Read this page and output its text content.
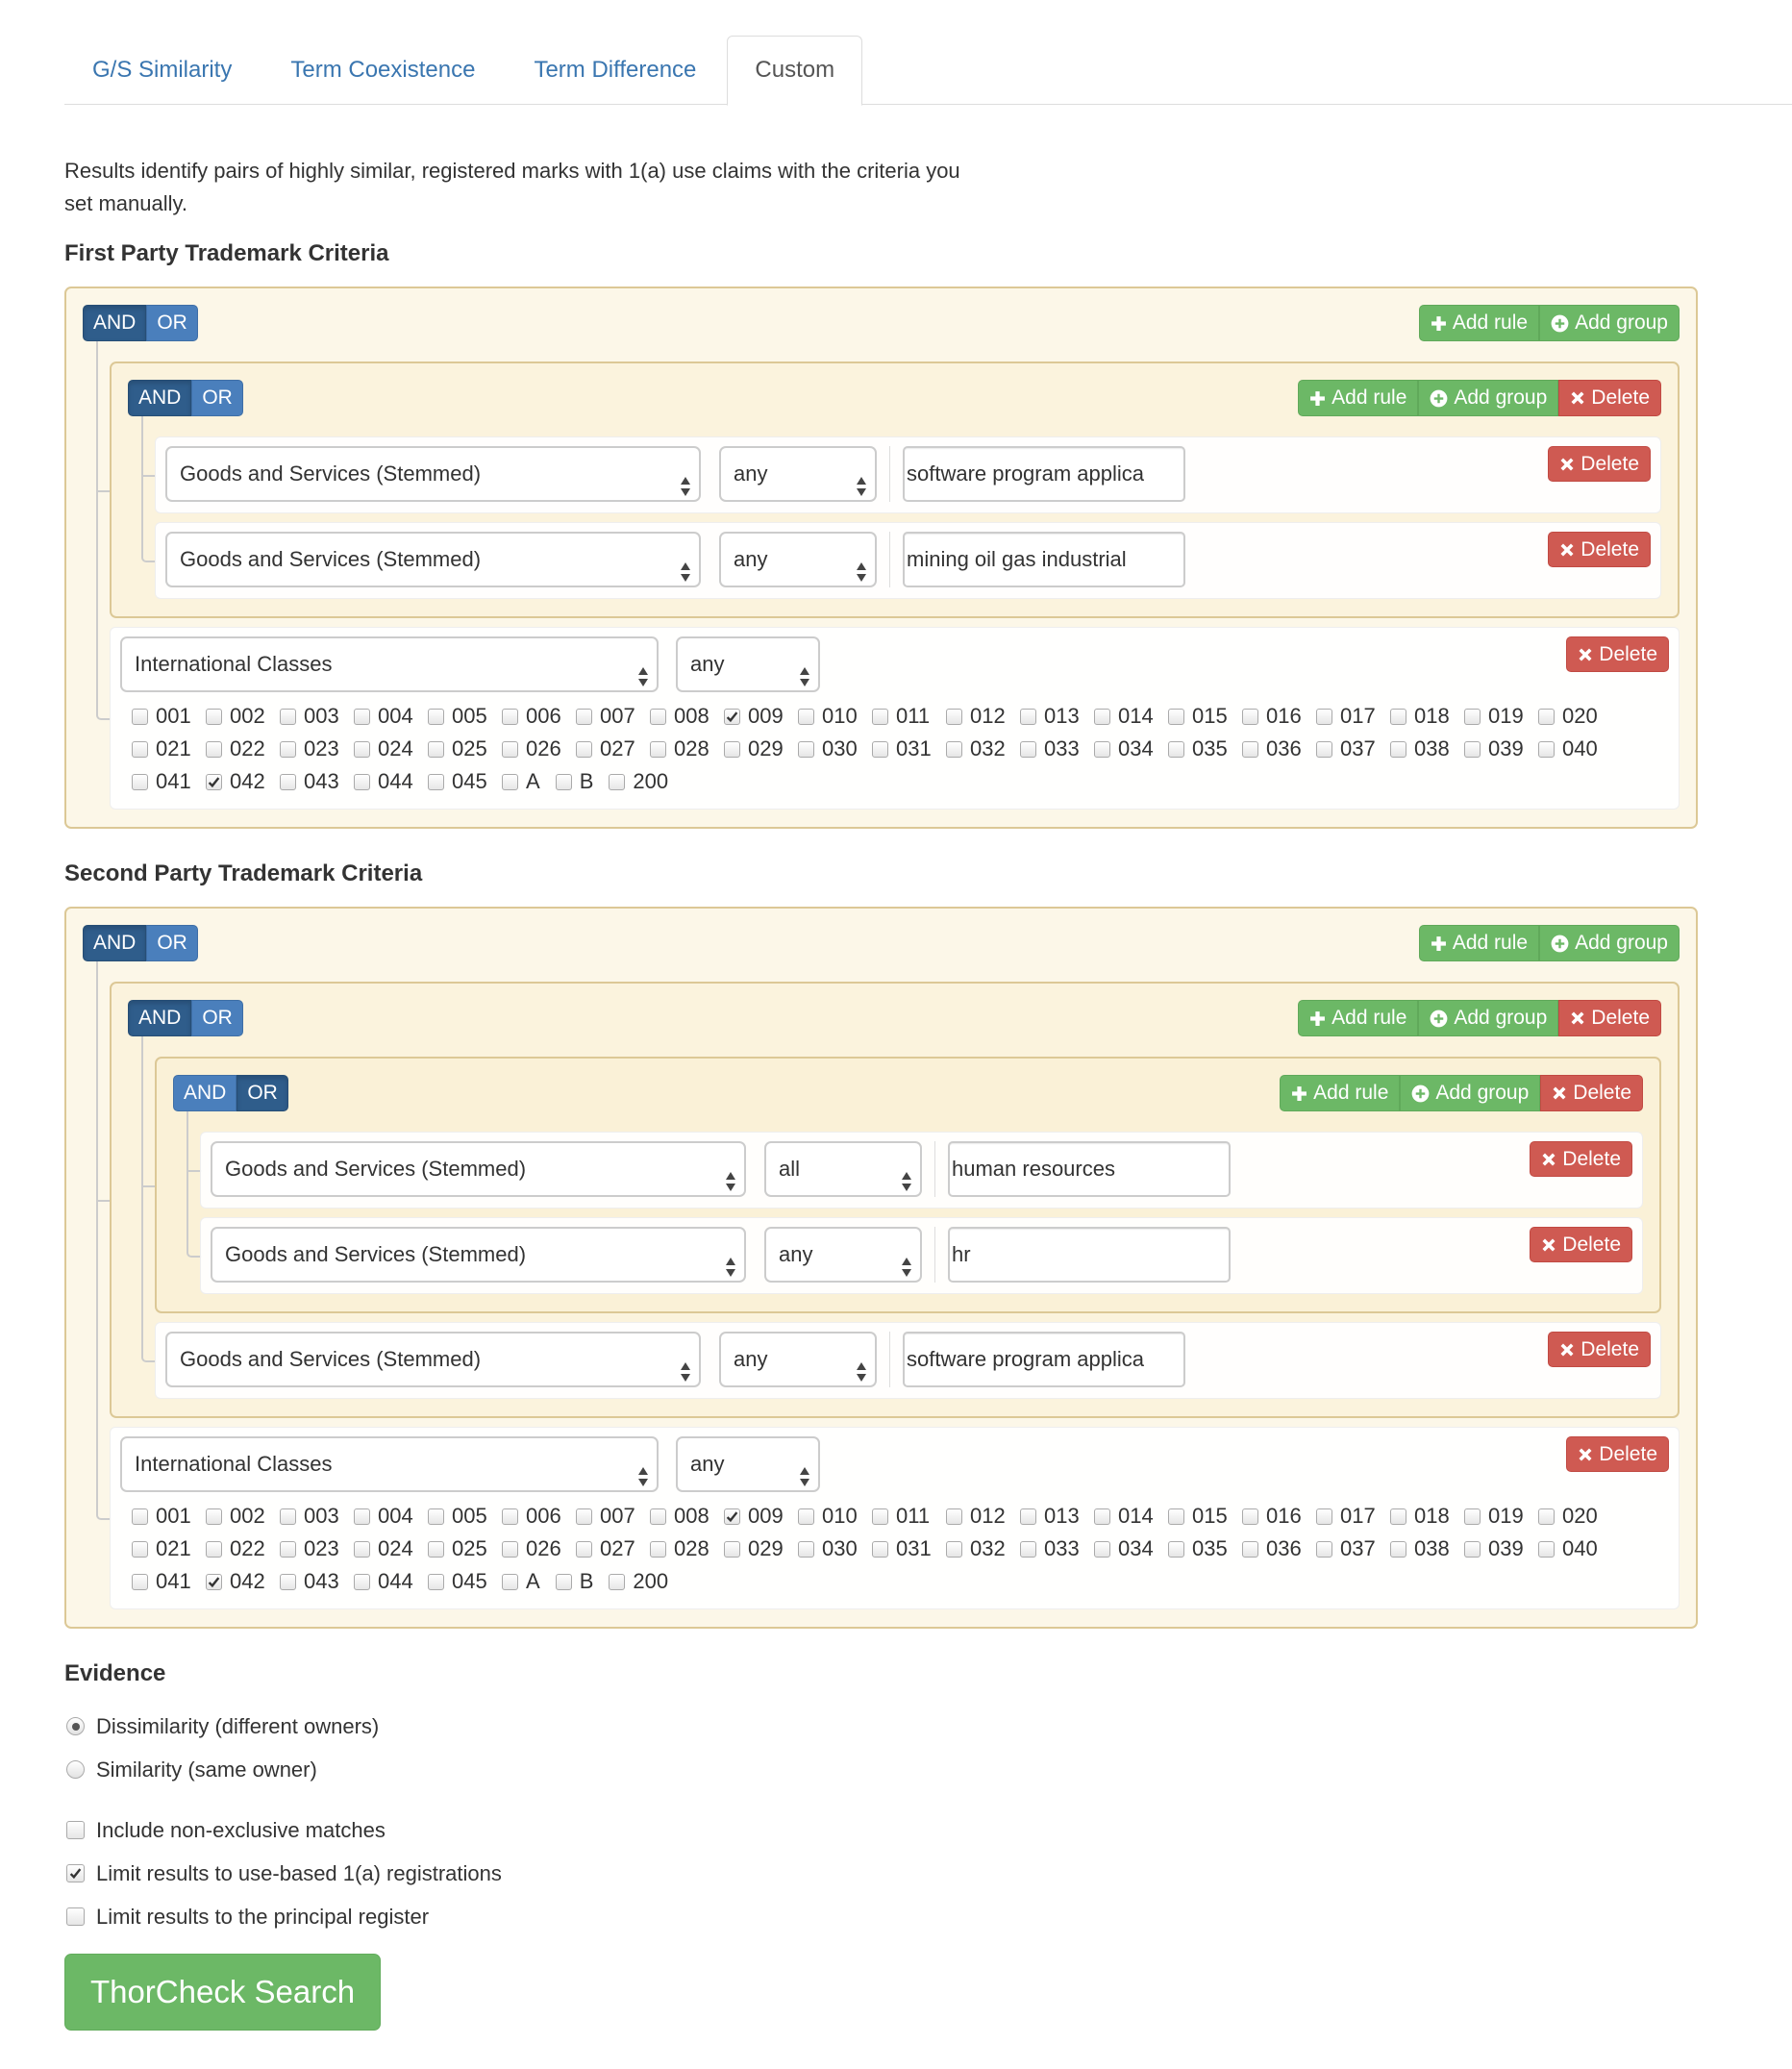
G/S Similarity	Term Coexistence	Term Difference	Custom

Results identify pairs of highly similar, registered marks with 1(a) use claims with the criteria you set manually.

First Party Trademark Criteria
AND	OR	Add rule Add group
AND	OR	Add rule Add group Delete
Goods and Services (Stemmed)	any	software program applica	Delete
Goods and Services (Stemmed)	any	mining oil gas industrial	Delete
International Classes	any
001 002 003 004 005 006 007 008 009 010 011 012 013 014 015 016 017 018 019 020
021 022 023 024 025 026 027 028 029 030 031 032 033 034 035 036 037 038 039 040
041 042 043 044 045 A B 200
Delete
Second Party Trademark Criteria
AND	OR	Add rule Add group
AND	OR	Add rule Add group Delete
AND	OR	Add rule Add group Delete
Goods and Services (Stemmed)	all	human resources	Delete
Goods and Services (Stemmed)	any	hr	Delete
Goods and Services (Stemmed)	any	software program applica	Delete
International Classes	any
001 002 003 004 005 006 007 008 009 010 011 012 013 014 015 016 017 018 019 020
021 022 023 024 025 026 027 028 029 030 031 032 033 034 035 036 037 038 039 040
041 042 043 044 045 A B 200
Delete
Evidence
Dissimilarity (different owners)
Similarity (same owner)
Include non-exclusive matches
Limit results to use-based 1(a) registrations
Limit results to the principal register
ThorCheck Search
